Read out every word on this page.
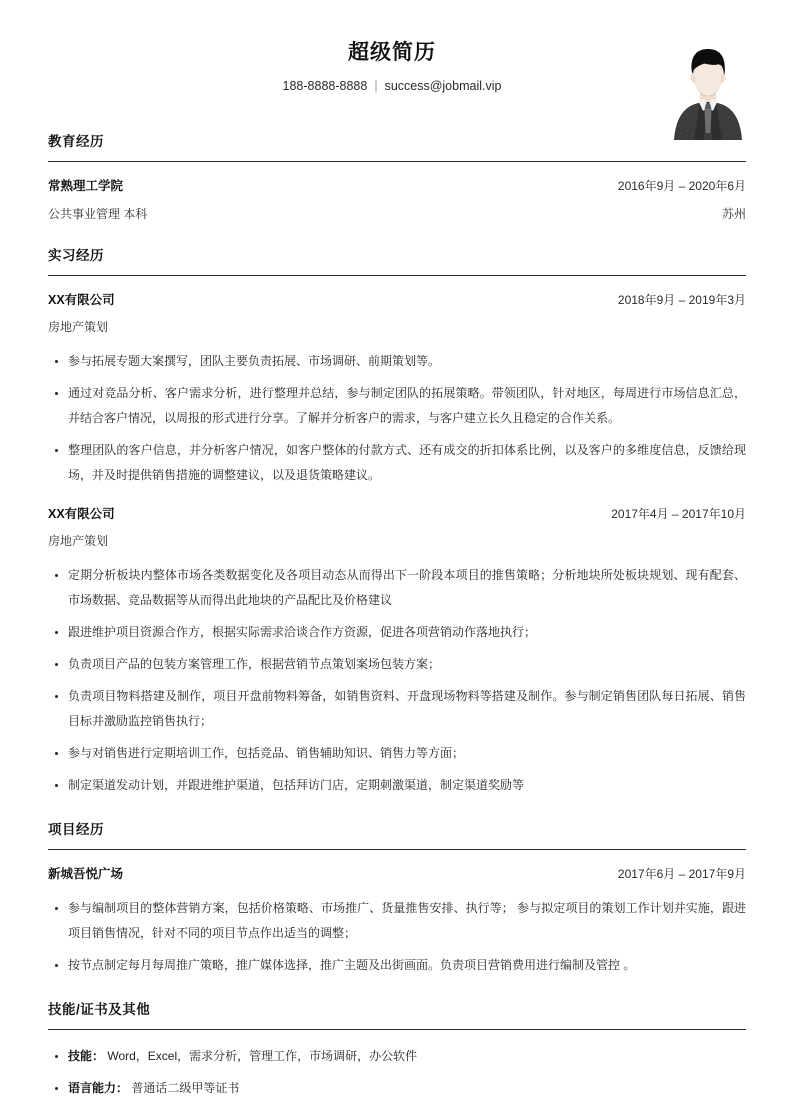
超级简历
188-8888-8888 | success@jobmail.vip
教育经历
常熟理工学院	2016年9月 – 2020年6月
公共事业管理 本科	苏州
实习经历
XX有限公司	2018年9月 – 2019年3月
房地产策划
参与拓展专题大案撰写，团队主要负责拓展、市场调研、前期策划等。
通过对竞品分析、客户需求分析，进行整理并总结，参与制定团队的拓展策略。带领团队，针对地区，每周进行市场信息汇总，并结合客户情况，以周报的形式进行分享。了解并分析客户的需求，与客户建立长久且稳定的合作关系。
整理团队的客户信息，并分析客户情况，如客户整体的付款方式、还有成交的折扣体系比例，以及客户的多维度信息，反馈给现场，并及时提供销售措施的调整建议，以及退货策略建议。
XX有限公司	2017年4月 – 2017年10月
房地产策划
定期分析板块内整体市场各类数据变化及各项目动态从而得出下一阶段本项目的推售策略；分析地块所处板块规划、现有配套、市场数据、竞品数据等从而得出此地块的产品配比及价格建议
跟进维护项目资源合作方，根据实际需求洽谈合作方资源，促进各项营销动作落地执行；
负责项目产品的包装方案管理工作，根据营销节点策划案场包装方案；
负责项目物料搭建及制作，项目开盘前物料筹备，如销售资料、开盘现场物料等搭建及制作。参与制定销售团队每日拓展、销售目标并激励监控销售执行；
参与对销售进行定期培训工作，包括竞品、销售辅助知识、销售力等方面；
制定渠道发动计划，并跟进维护渠道，包括拜访门店，定期刺激渠道，制定渠道奖励等
项目经历
新城吾悦广场	2017年6月 – 2017年9月
参与编制项目的整体营销方案，包括价格策略、市场推广、货量推售安排、执行等； 参与拟定项目的策划工作计划并实施，跟进项目销售情况，针对不同的项目节点作出适当的调整；
按节点制定每月每周推广策略，推广媒体选择，推广主题及出街画面。负责项目营销费用进行编制及管控 。
技能/证书及其他
技能： Word，Excel，需求分析，管理工作，市场调研，办公软件
语言能力： 普通话二级甲等证书
